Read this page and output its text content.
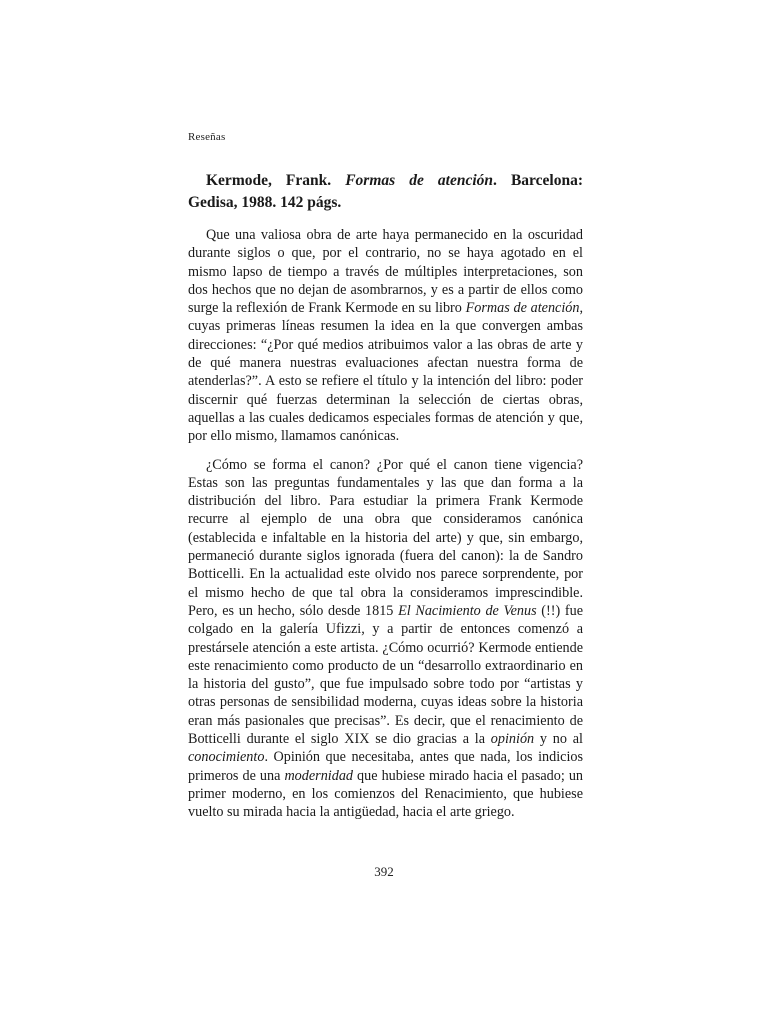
Reseñas

Kermode, Frank. Formas de atención. Barcelona: Gedisa, 1988. 142 págs.

Que una valiosa obra de arte haya permanecido en la oscuridad durante siglos o que, por el contrario, no se haya agotado en el mismo lapso de tiempo a través de múltiples interpretaciones, son dos hechos que no dejan de asombrarnos, y es a partir de ellos como surge la reflexión de Frank Kermode en su libro Formas de atención, cuyas primeras líneas resumen la idea en la que convergen ambas direcciones: “¿Por qué medios atribuimos valor a las obras de arte y de qué manera nuestras evaluaciones afectan nuestra forma de atenderlas?”. A esto se refiere el título y la intención del libro: poder discernir qué fuerzas determinan la selección de ciertas obras, aquellas a las cuales dedicamos especiales formas de atención y que, por ello mismo, llamamos canónicas.

¿Cómo se forma el canon? ¿Por qué el canon tiene vigencia? Estas son las preguntas fundamentales y las que dan forma a la distribución del libro. Para estudiar la primera Frank Kermode recurre al ejemplo de una obra que consideramos canónica (establecida e infaltable en la historia del arte) y que, sin embargo, permaneció durante siglos ignorada (fuera del canon): la de Sandro Botticelli. En la actualidad este olvido nos parece sorprendente, por el mismo hecho de que tal obra la consideramos imprescindible. Pero, es un hecho, sólo desde 1815 El Nacimiento de Venus (!!) fue colgado en la galería Ufizzi, y a partir de entonces comenzó a prestársele atención a este artista. ¿Cómo ocurrió? Kermode entiende este renacimiento como producto de un “desarrollo extraordinario en la historia del gusto”, que fue impulsado sobre todo por “artistas y otras personas de sensibilidad moderna, cuyas ideas sobre la historia eran más pasionales que precisas”. Es decir, que el renacimiento de Botticelli durante el siglo XIX se dio gracias a la opinión y no al conocimiento. Opinión que necesitaba, antes que nada, los indicios primeros de una modernidad que hubiese mirado hacia el pasado; un primer moderno, en los comienzos del Renacimiento, que hubiese vuelto su mirada hacia la antigüedad, hacia el arte griego.

392
